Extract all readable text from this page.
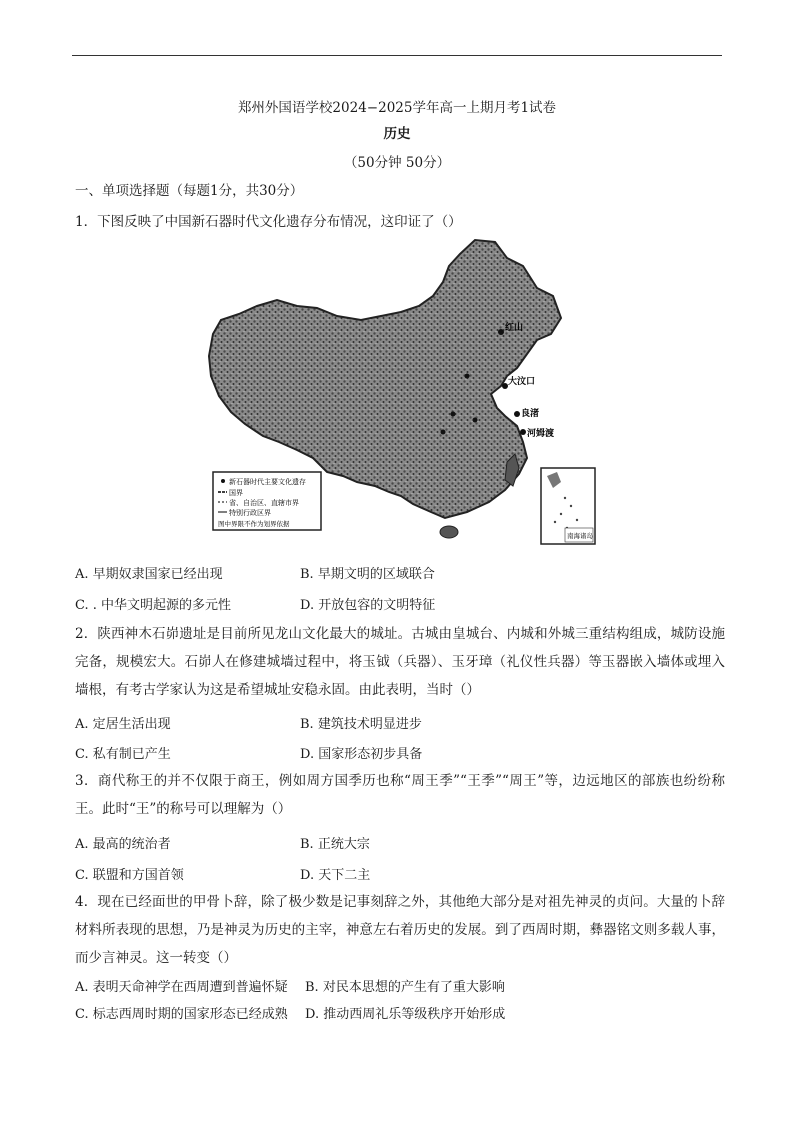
郑州外国语学校2024−2025学年高一上期月考1试卷
历史
（50分钟 50分）
一、单项选择题（每题1分，共30分）
1．下图反映了中国新石器时代文化遗存分布情况，这印证了（）
红山
大汶口
良渚
河姆渡
南海诸岛
新石器时代主要文化遗存
国界
省、自治区、直辖市界
特别行政区界
图中界限不作为划界依据
A. 早期奴隶国家已经出现	B. 早期文明的区域联合
C. . 中华文明起源的多元性	D. 开放包容的文明特征
2．陕西神木石峁遗址是目前所见龙山文化最大的城址。古城由皇城台、内城和外城三重结构组成，城防设施完备，规模宏大。石峁人在修建城墙过程中，将玉钺（兵器）、玉牙璋（礼仪性兵器）等玉器嵌入墙体或埋入墙根，有考古学家认为这是希望城址安稳永固。由此表明，当时（）
A. 定居生活出现	B. 建筑技术明显进步
C. 私有制已产生	D. 国家形态初步具备
3．商代称王的并不仅限于商王，例如周方国季历也称“周王季”“王季”“周王”等，边远地区的部族也纷纷称王。此时“王”的称号可以理解为（）
A. 最高的统治者	B. 正统大宗
C. 联盟和方国首领	D. 天下二主
4．现在已经面世的甲骨卜辞，除了极少数是记事刻辞之外，其他绝大部分是对祖先神灵的贞问。大量的卜辞材料所表现的思想，乃是神灵为历史的主宰，神意左右着历史的发展。到了西周时期，彝器铭文则多载人事，而少言神灵。这一转变（）
A. 表明天命神学在西周遭到普遍怀疑 B. 对民本思想的产生有了重大影响
C. 标志西周时期的国家形态已经成熟 D. 推动西周礼乐等级秩序开始形成
